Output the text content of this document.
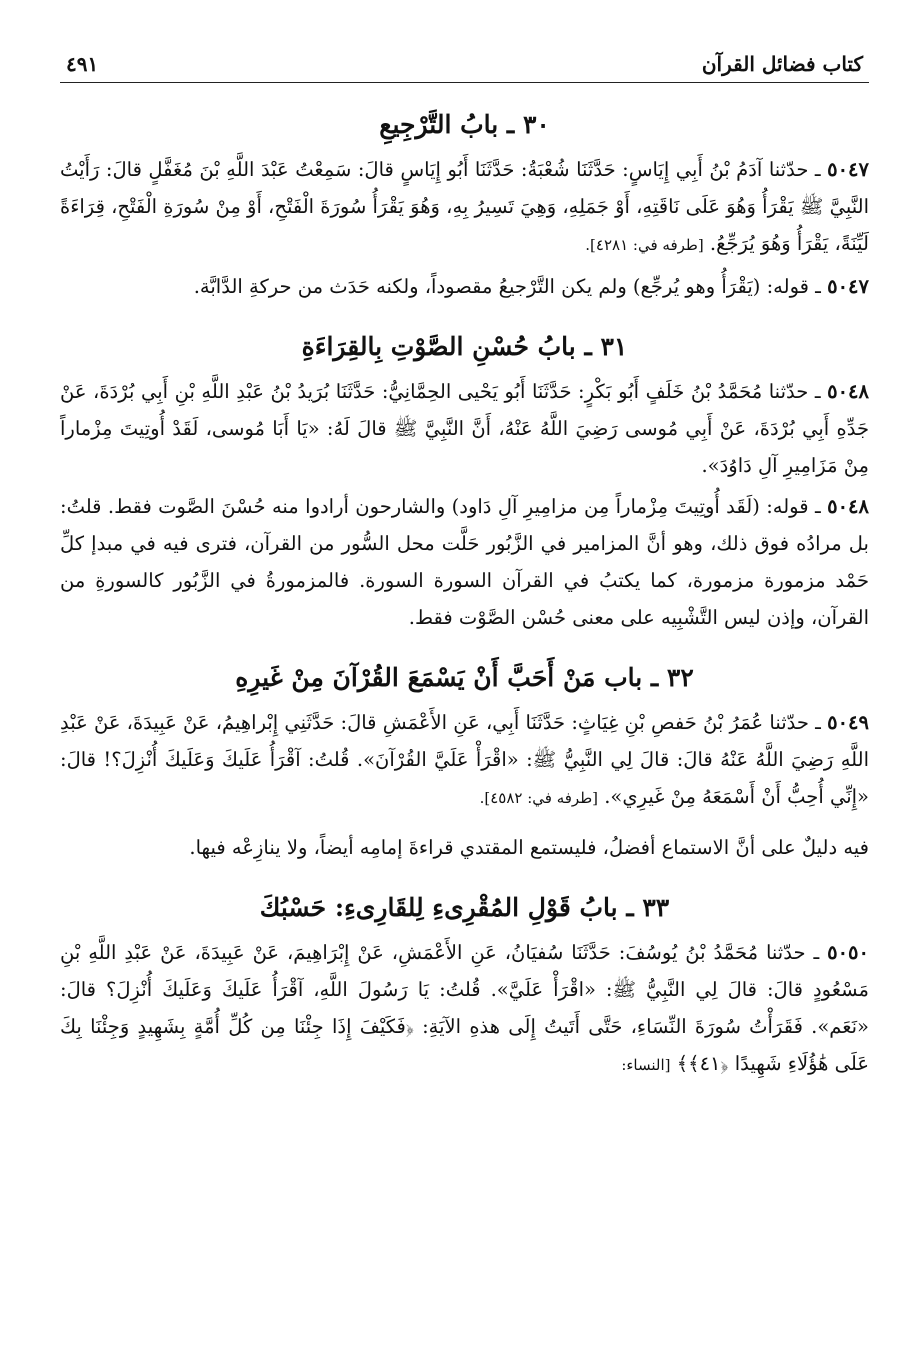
كتاب فضائل القرآن
٤٩١
٣٠ ـ بابُ التَّرْجِيعِ

٥٠٤٧ ـ حدّثنا آدَمُ بْنُ أَبِي إِيَاسٍ: حَدَّثَنَا شُعْبَةُ: حَدَّثَنَا أَبُو إِيَاسٍ قالَ: سَمِعْتُ عَبْدَ اللَّهِ بْنَ مُغَفَّلٍ قالَ: رَأَيْتُ النَّبِيَّ ﷺ يَقْرَأُ وَهُوَ عَلَى نَاقَتِهِ، أَوْ جَمَلِهِ، وَهِيَ تَسِيرُ بِهِ، وَهُوَ يَقْرَأُ سُورَةَ الْفَتْحِ، أَوْ مِنْ سُورَةِ الْفَتْحِ، قِرَاءَةً لَيِّنَةً، يَقْرَأُ وَهُوَ يُرَجِّعُ. [طرفه في: ٤٢٨١].

٥٠٤٧ ـ قوله: (يَقْرَأُ وهو يُرجِّع) ولم يكن التَّرْجيعُ مقصوداً، ولكنه حَدَث من حركةِ الدَّابَّة.

٣١ ـ بابُ حُسْنِ الصَّوْتِ بِالقِرَاءَةِ

٥٠٤٨ ـ حدّثنا مُحَمَّدُ بْنُ خَلَفٍ أَبُو بَكْرٍ: حَدَّثَنَا أَبُو يَحْيى الحِمَّانِيُّ: حَدَّثَنَا بُرَيدُ بْنُ عَبْدِ اللَّهِ بْنِ أَبِي بُرْدَةَ، عَنْ جَدِّهِ أَبِي بُرْدَةَ، عَنْ أَبِي مُوسى رَضِيَ اللَّهُ عَنْهُ، أَنَّ النَّبِيَّ ﷺ قالَ لَهُ: «يَا أَبَا مُوسى، لَقَدْ أُوتِيتَ مِزْماراً مِنْ مَزَامِيرِ آلِ دَاوُدَ».

٥٠٤٨ ـ قوله: (لَقَد أُوتِيتَ مِزْماراً مِن مزامِيرِ آلِ دَاود) والشارحون أرادوا منه حُسْنَ الصَّوت فقط. قلتُ: بل مرادُه فوق ذلك، وهو أنَّ المزامير في الزَّبُور حَلَّت محل السُّور من القرآن، فترى فيه في مبدإ كلِّ حَمْد مزمورة مزمورة، كما يكتبُ في القرآن السورة السورة. فالمزمورةُ في الزَّبُور كالسورةِ من القرآن، وإذن ليس التَّشْبِيه على معنى حُسْن الصَّوْت فقط.

٣٢ ـ باب مَنْ أَحَبَّ أَنْ يَسْمَعَ القُرْآنَ مِنْ غَيرِهِ

٥٠٤٩ ـ حدّثنا عُمَرُ بْنُ حَفصِ بْنِ غِيَاثٍ: حَدَّثَنَا أَبِي، عَنِ الأَعْمَشِ قالَ: حَدَّثَنِي إِبْراهِيمُ، عَنْ عَبِيدَةَ، عَنْ عَبْدِ اللَّهِ رَضِيَ اللَّهُ عَنْهُ قالَ: قالَ لِي النَّبِيُّ ﷺ: «اقْرَأْ عَلَيَّ القُرْآنَ». قُلتُ: آقْرَأُ عَلَيكَ وَعَلَيكَ أُنْزِلَ؟! قالَ: «إِنِّي أُحِبُّ أَنْ أَسْمَعَهُ مِنْ غَيرِي». [طرفه في: ٤٥٨٢].

فيه دليلٌ على أنَّ الاستماع أفضلُ، فليستمع المقتدي قراءةَ إمامِه أيضاً، ولا ينازِعْه فيها.

٣٣ ـ بابُ قَوْلِ المُقْرِىءِ لِلقَارِىءِ: حَسْبُكَ

٥٠٥٠ ـ حدّثنا مُحَمَّدُ بْنُ يُوسُفَ: حَدَّثَنَا سُفيَانُ، عَنِ الأَعْمَشِ، عَنْ إِبْرَاهِيمَ، عَنْ عَبِيدَةَ، عَنْ عَبْدِ اللَّهِ بْنِ مَسْعُودٍ قالَ: قالَ لِي النَّبِيُّ ﷺ: «اقْرَأْ عَلَيَّ». قُلتُ: يَا رَسُولَ اللَّهِ، آقْرَأُ عَلَيكَ وَعَلَيكَ أُنْزِلَ؟ قالَ: «نَعَم». فَقَرَأْتُ سُورَةَ النِّسَاءِ، حَتَّى أَتَيتُ إِلَى هذهِ الآيَةِ: ﴿فَكَيْفَ إِذَا جِئْنَا مِن كُلِّ أُمَّةٍ بِشَهِيدٍ وَجِئْنَا بِكَ عَلَى هَٰؤُلَاءِ شَهِيدًا ﴿٤١﴾﴾ [النساء:
